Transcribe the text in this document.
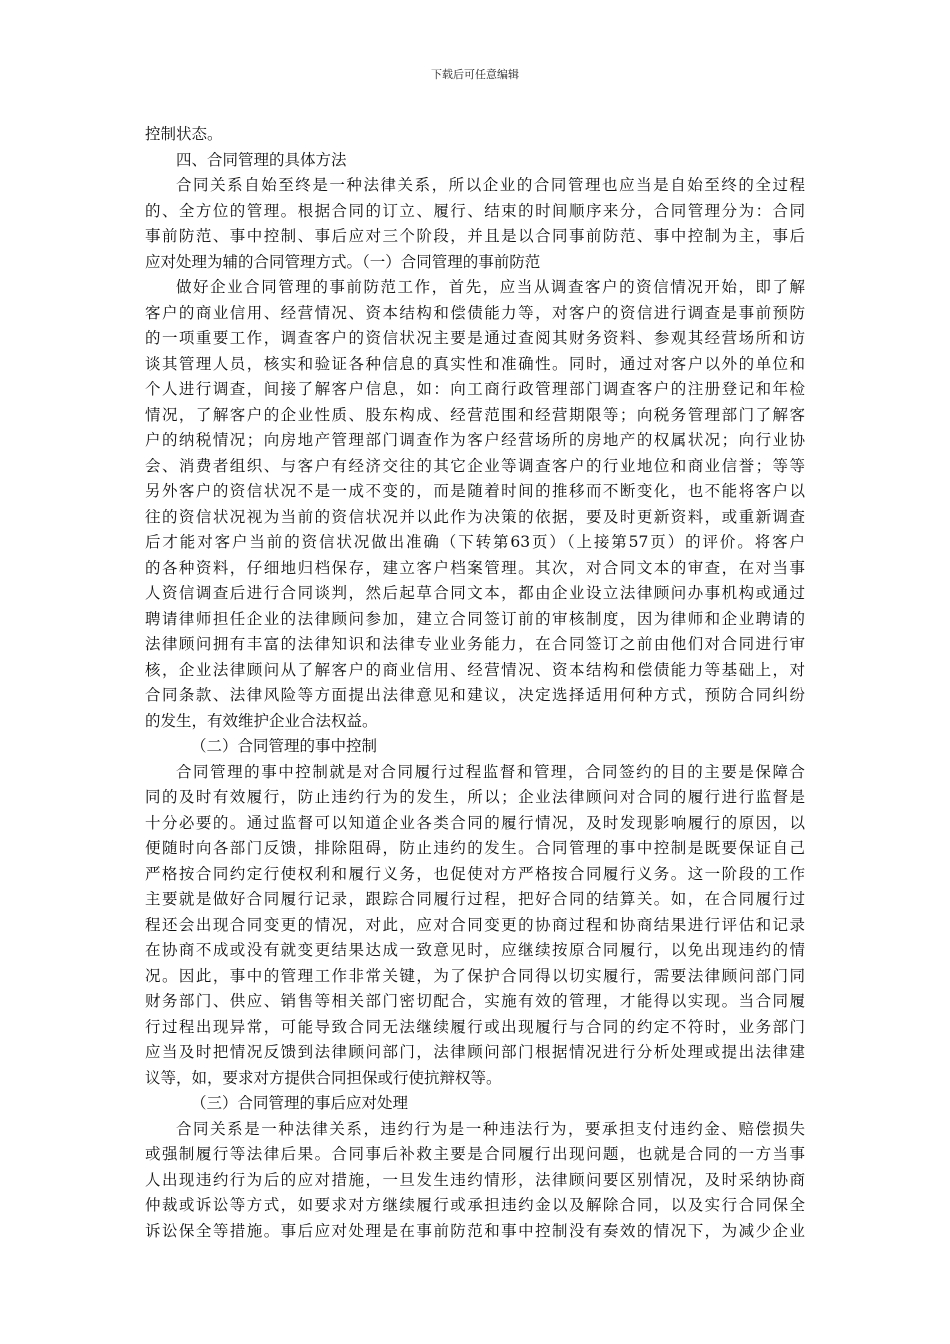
下载后可任意编辑
控制状态。
四、合同管理的具体方法
合同关系自始至终是一种法律关系，所以企业的合同管理也应当是自始至终的全过程
的、全方位的管理。根据合同的订立、履行、结束的时间顺序来分，合同管理分为：合同
事前防范、事中控制、事后应对三个阶段，并且是以合同事前防范、事中控制为主，事后
应对处理为辅的合同管理方式。（一）合同管理的事前防范
做好企业合同管理的事前防范工作，首先，应当从调查客户的资信情况开始，即了解
客户的商业信用、经营情况、资本结构和偿债能力等，对客户的资信进行调查是事前预防
的一项重要工作，调查客户的资信状况主要是通过查阅其财务资料、参观其经营场所和访
谈其管理人员，核实和验证各种信息的真实性和准确性。同时，通过对客户以外的单位和
个人进行调查，间接了解客户信息，如：向工商行政管理部门调查客户的注册登记和年检
情况，了解客户的企业性质、股东构成、经营范围和经营期限等；向税务管理部门了解客
户的纳税情况；向房地产管理部门调查作为客户经营场所的房地产的权属状况；向行业协
会、消费者组织、与客户有经济交往的其它企业等调查客户的行业地位和商业信誉；等等
另外客户的资信状况不是一成不变的，而是随着时间的推移而不断变化，也不能将客户以
往的资信状况视为当前的资信状况并以此作为决策的依据，要及时更新资料，或重新调查
后才能对客户当前的资信状况做出准确（下转第63页）（上接第57页）的评价。将客户
的各种资料，仔细地归档保存，建立客户档案管理。其次，对合同文本的审查，在对当事
人资信调查后进行合同谈判，然后起草合同文本，都由企业设立法律顾问办事机构或通过
聘请律师担任企业的法律顾问参加，建立合同签订前的审核制度，因为律师和企业聘请的
法律顾问拥有丰富的法律知识和法律专业业务能力，在合同签订之前由他们对合同进行审
核，企业法律顾问从了解客户的商业信用、经营情况、资本结构和偿债能力等基础上，对
合同条款、法律风险等方面提出法律意见和建议，决定选择适用何种方式，预防合同纠纷
的发生，有效维护企业合法权益。
（二）合同管理的事中控制
合同管理的事中控制就是对合同履行过程监督和管理，合同签约的目的主要是保障合
同的及时有效履行，防止违约行为的发生，所以；企业法律顾问对合同的履行进行监督是
十分必要的。通过监督可以知道企业各类合同的履行情况，及时发现影响履行的原因，以
便随时向各部门反馈，排除阻碍，防止违约的发生。合同管理的事中控制是既要保证自己
严格按合同约定行使权利和履行义务，也促使对方严格按合同履行义务。这一阶段的工作
主要就是做好合同履行记录，跟踪合同履行过程，把好合同的结算关。如，在合同履行过
程还会出现合同变更的情况，对此，应对合同变更的协商过程和协商结果进行评估和记录
在协商不成或没有就变更结果达成一致意见时，应继续按原合同履行，以免出现违约的情
况。因此，事中的管理工作非常关键，为了保护合同得以切实履行，需要法律顾问部门同
财务部门、供应、销售等相关部门密切配合，实施有效的管理，才能得以实现。当合同履
行过程出现异常，可能导致合同无法继续履行或出现履行与合同的约定不符时，业务部门
应当及时把情况反馈到法律顾问部门，法律顾问部门根据情况进行分析处理或提出法律建
议等，如，要求对方提供合同担保或行使抗辩权等。
（三）合同管理的事后应对处理
合同关系是一种法律关系，违约行为是一种违法行为，要承担支付违约金、赔偿损失
或强制履行等法律后果。合同事后补救主要是合同履行出现问题，也就是合同的一方当事
人出现违约行为后的应对措施，一旦发生违约情形，法律顾问要区别情况，及时采纳协商
仲裁或诉讼等方式，如要求对方继续履行或承担违约金以及解除合同，以及实行合同保全
诉讼保全等措施。事后应对处理是在事前防范和事中控制没有奏效的情况下，为减少企业
